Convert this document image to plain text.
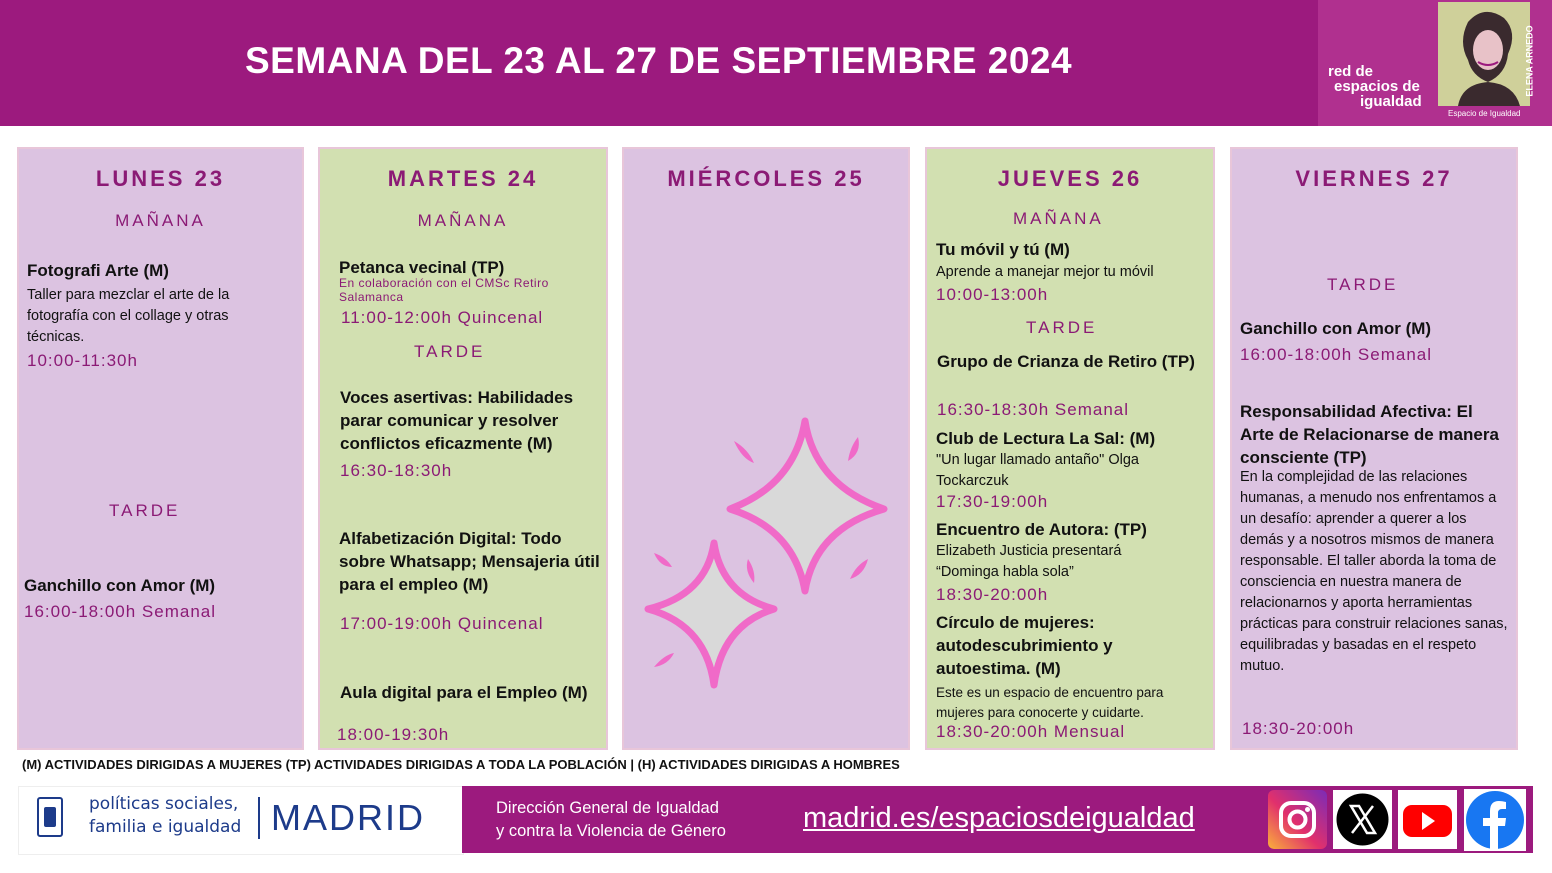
SEMANA DEL 23 AL 27 DE SEPTIEMBRE 2024	red de
espacios de
igualdad
Espacio de Igualdad
ELENA ARNEDO
LUNES 23
MAÑANA
Fotografi Arte (M)
Taller para mezclar el arte de la fotografía con el collage y otras técnicas.
10:00-11:30h
TARDE
Ganchillo con Amor (M)
16:00-18:00h Semanal
MARTES 24
MAÑANA
Petanca vecinal (TP)
En colaboración con el CMSc Retiro Salamanca
11:00-12:00h Quincenal
TARDE
Voces asertivas: Habilidades parar comunicar y resolver conflictos eficazmente (M)
16:30-18:30h
Alfabetización Digital: Todo sobre Whatsapp; Mensajeria útil para el empleo (M)
17:00-19:00h Quincenal
Aula digital para el Empleo (M)
18:00-19:30h
MIÉRCOLES 25	JUEVES 26
MAÑANA
Tu móvil y tú (M)
Aprende a manejar mejor tu móvil
10:00-13:00h
TARDE
Grupo de Crianza de Retiro (TP)
16:30-18:30h Semanal
Club de Lectura La Sal: (M)
"Un lugar llamado antaño" Olga Tockarczuk
17:30-19:00h
Encuentro de Autora: (TP)
Elizabeth Justicia presentará “Dominga habla sola”
18:30-20:00h
Círculo de mujeres: autodescubrimiento y autoestima. (M)
Este es un espacio de encuentro para mujeres para conocerte y cuidarte.
18:30-20:00h Mensual
VIERNES 27
TARDE
Ganchillo con Amor (M)
16:00-18:00h Semanal
Responsabilidad Afectiva: El Arte de Relacionarse de manera consciente (TP)
En la complejidad de las relaciones humanas, a menudo nos enfrentamos a un desafío: aprender a querer a los demás y a nosotros mismos de manera responsable. El taller aborda la toma de consciencia en nuestra manera de relacionarnos y aporta herramientas prácticas para construir relaciones sanas, equilibradas y basadas en el respeto mutuo.
18:30-20:00h
(M) ACTIVIDADES DIRIGIDAS A MUJERES (TP) ACTIVIDADES DIRIGIDAS A TODA LA POBLACIÓN | (H) ACTIVIDADES DIRIGIDAS A HOMBRES
políticas sociales,
familia e igualdad MADRID	Dirección General de Igualdad
y contra la Violencia de Género	madrid.es/espaciosdeigualdad
